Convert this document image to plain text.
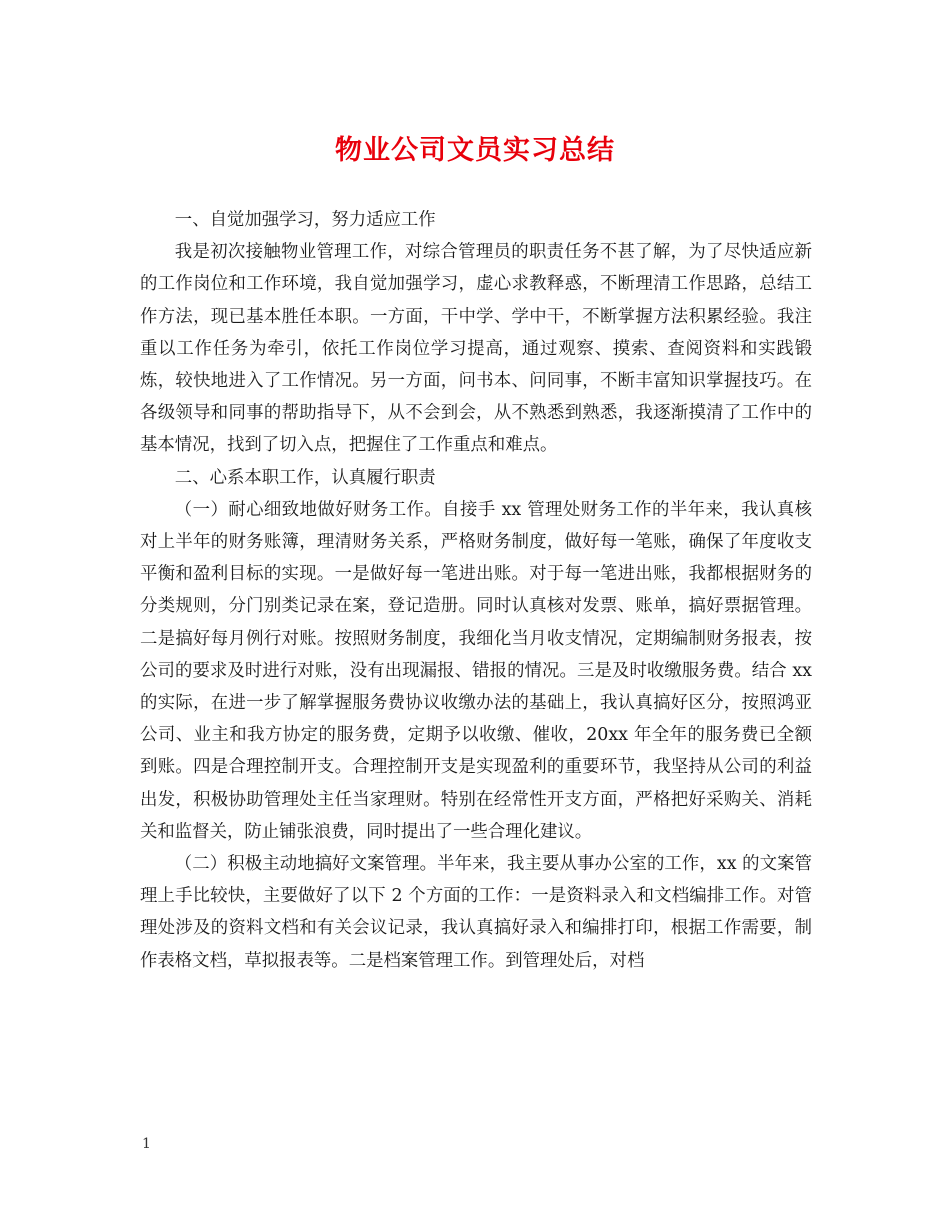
物业公司文员实习总结

一、自觉加强学习，努力适应工作

我是初次接触物业管理工作，对综合管理员的职责任务不甚了解，为了尽快适应新的工作岗位和工作环境，我自觉加强学习，虚心求教释惑，不断理清工作思路，总结工作方法，现已基本胜任本职。一方面，干中学、学中干，不断掌握方法积累经验。我注重以工作任务为牵引，依托工作岗位学习提高，通过观察、摸索、查阅资料和实践锻炼，较快地进入了工作情况。另一方面，问书本、问同事，不断丰富知识掌握技巧。在各级领导和同事的帮助指导下，从不会到会，从不熟悉到熟悉，我逐渐摸清了工作中的基本情况，找到了切入点，把握住了工作重点和难点。

二、心系本职工作，认真履行职责

（一）耐心细致地做好财务工作。自接手 xx 管理处财务工作的半年来，我认真核对上半年的财务账簿，理清财务关系，严格财务制度，做好每一笔账，确保了年度收支平衡和盈利目标的实现。一是做好每一笔进出账。对于每一笔进出账，我都根据财务的分类规则，分门别类记录在案，登记造册。同时认真核对发票、账单，搞好票据管理。二是搞好每月例行对账。按照财务制度，我细化当月收支情况，定期编制财务报表，按公司的要求及时进行对账，没有出现漏报、错报的情况。三是及时收缴服务费。结合 xx 的实际，在进一步了解掌握服务费协议收缴办法的基础上，我认真搞好区分，按照鸿亚公司、业主和我方协定的服务费，定期予以收缴、催收，20xx 年全年的服务费已全额到账。四是合理控制开支。合理控制开支是实现盈利的重要环节，我坚持从公司的利益出发，积极协助管理处主任当家理财。特别在经常性开支方面，严格把好采购关、消耗关和监督关，防止铺张浪费，同时提出了一些合理化建议。

（二）积极主动地搞好文案管理。半年来，我主要从事办公室的工作，xx 的文案管理上手比较快，主要做好了以下 2 个方面的工作：一是资料录入和文档编排工作。对管理处涉及的资料文档和有关会议记录，我认真搞好录入和编排打印，根据工作需要，制作表格文档，草拟报表等。二是档案管理工作。到管理处后，对档

1
